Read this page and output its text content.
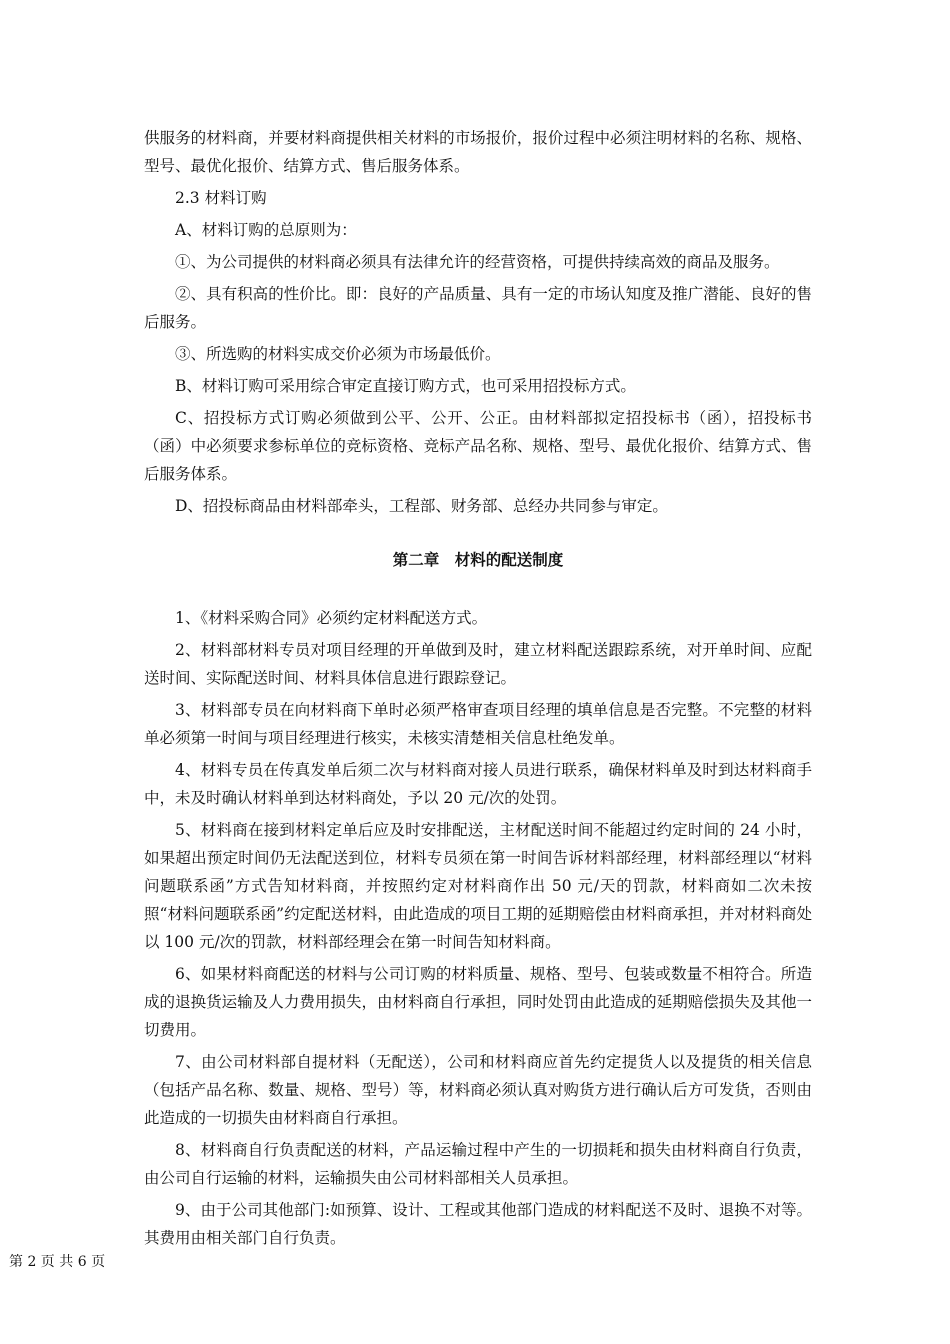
供服务的材料商，并要材料商提供相关材料的市场报价，报价过程中必须注明材料的名称、规格、型号、最优化报价、结算方式、售后服务体系。

2.3 材料订购

A、材料订购的总原则为：

①、为公司提供的材料商必须具有法律允许的经营资格，可提供持续高效的商品及服务。

②、具有积高的性价比。即：良好的产品质量、具有一定的市场认知度及推广潜能、良好的售后服务。

③、所选购的材料实成交价必须为市场最低价。

B、材料订购可采用综合审定直接订购方式，也可采用招投标方式。

C、招投标方式订购必须做到公平、公开、公正。由材料部拟定招投标书（函），招投标书（函）中必须要求参标单位的竞标资格、竞标产品名称、规格、型号、最优化报价、结算方式、售后服务体系。

D、招投标商品由材料部牵头，工程部、财务部、总经办共同参与审定。

第二章　材料的配送制度

1、《材料采购合同》必须约定材料配送方式。

2、材料部材料专员对项目经理的开单做到及时，建立材料配送跟踪系统，对开单时间、应配送时间、实际配送时间、材料具体信息进行跟踪登记。

3、材料部专员在向材料商下单时必须严格审查项目经理的填单信息是否完整。不完整的材料单必须第一时间与项目经理进行核实，未核实清楚相关信息杜绝发单。

4、材料专员在传真发单后须二次与材料商对接人员进行联系，确保材料单及时到达材料商手中，未及时确认材料单到达材料商处，予以 20 元/次的处罚。

5、材料商在接到材料定单后应及时安排配送，主材配送时间不能超过约定时间的 24 小时，如果超出预定时间仍无法配送到位，材料专员须在第一时间告诉材料部经理，材料部经理以“材料问题联系函”方式告知材料商，并按照约定对材料商作出 50 元/天的罚款，材料商如二次未按照“材料问题联系函”约定配送材料，由此造成的项目工期的延期赔偿由材料商承担，并对材料商处以 100 元/次的罚款，材料部经理会在第一时间告知材料商。

6、如果材料商配送的材料与公司订购的材料质量、规格、型号、包装或数量不相符合。所造成的退换货运输及人力费用损失，由材料商自行承担，同时处罚由此造成的延期赔偿损失及其他一切费用。

7、由公司材料部自提材料（无配送），公司和材料商应首先约定提货人以及提货的相关信息（包括产品名称、数量、规格、型号）等，材料商必须认真对购货方进行确认后方可发货，否则由此造成的一切损失由材料商自行承担。

8、材料商自行负责配送的材料，产品运输过程中产生的一切损耗和损失由材料商自行负责，由公司自行运输的材料，运输损失由公司材料部相关人员承担。

9、由于公司其他部门:如预算、设计、工程或其他部门造成的材料配送不及时、退换不对等。其费用由相关部门自行负责。

第 2 页 共 6 页
